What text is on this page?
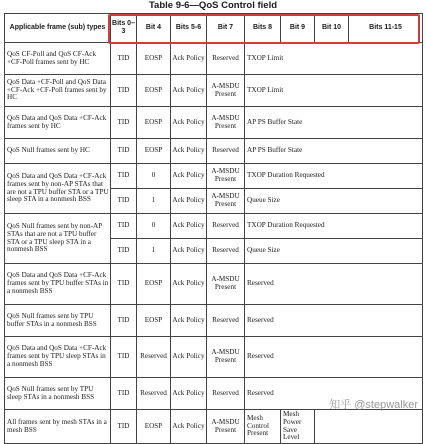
Table 9-6—QoS Control field
Applicable frame (sub) types	Bits 0–3	Bit 4	Bits 5-6	Bit 7	Bits 8	Bit 9	Bit 10	Bits 11-15
QoS CF-Poll and QoS CF-Ack +CF-Poll frames sent by HC	TID	EOSP	Ack Policy	Reserved	TXOP Limit			
QoS Data +CF-Poll and QoS Data +CF-Ack +CF-Poll frames sent by HC	TID	EOSP	Ack Policy	A-MSDU Present	TXOP Limit			
QoS Data and QoS Data +CF-Ack frames sent by HC	TID	EOSP	Ack Policy	A-MSDU Present	AP PS Buffer State			
QoS Null frames sent by HC	TID	EOSP	Ack Policy	Reserved	AP PS Buffer State			
QoS Data and QoS Data +CF-Ack frames sent by non-AP STAs that are not a TPU buffer STA or a TPU sleep STA in a nonmesh BSS	TID	0	Ack Policy	A-MSDU Present	TXOP Duration Requested			
	TID	1	Ack Policy	A-MSDU Present	Queue Size			
QoS Null frames sent by non-AP STAs that are not a TPU buffer STA or a TPU sleep STA in a nonmesh BSS	TID	0	Ack Policy	Reserved	TXOP Duration Requested			
	TID	1	Ack Policy	Reserved	Queue Size			
QoS Data and QoS Data +CF-Ack frames sent by TPU buffer STAs in a nonmesh BSS	TID	EOSP	Ack Policy	A-MSDU Present	Reserved			
QoS Null frames sent by TPU buffer STAs in a nonmesh BSS	TID	EOSP	Ack Policy	Reserved	Reserved			
QoS Data and QoS Data +CF-Ack frames sent by TPU sleep STAs in a nonmesh BSS	TID	Reserved	Ack Policy	A-MSDU Present	Reserved			
QoS Null frames sent by TPU sleep STAs in a nonmesh BSS	TID	Reserved	Ack Policy	Reserved	Reserved			
All frames sent by mesh STAs in a mesh BSS	TID	EOSP	Ack Policy	A-MSDU Present	Mesh Control Present	Mesh Power Save Level		
知乎 @stepwalker
